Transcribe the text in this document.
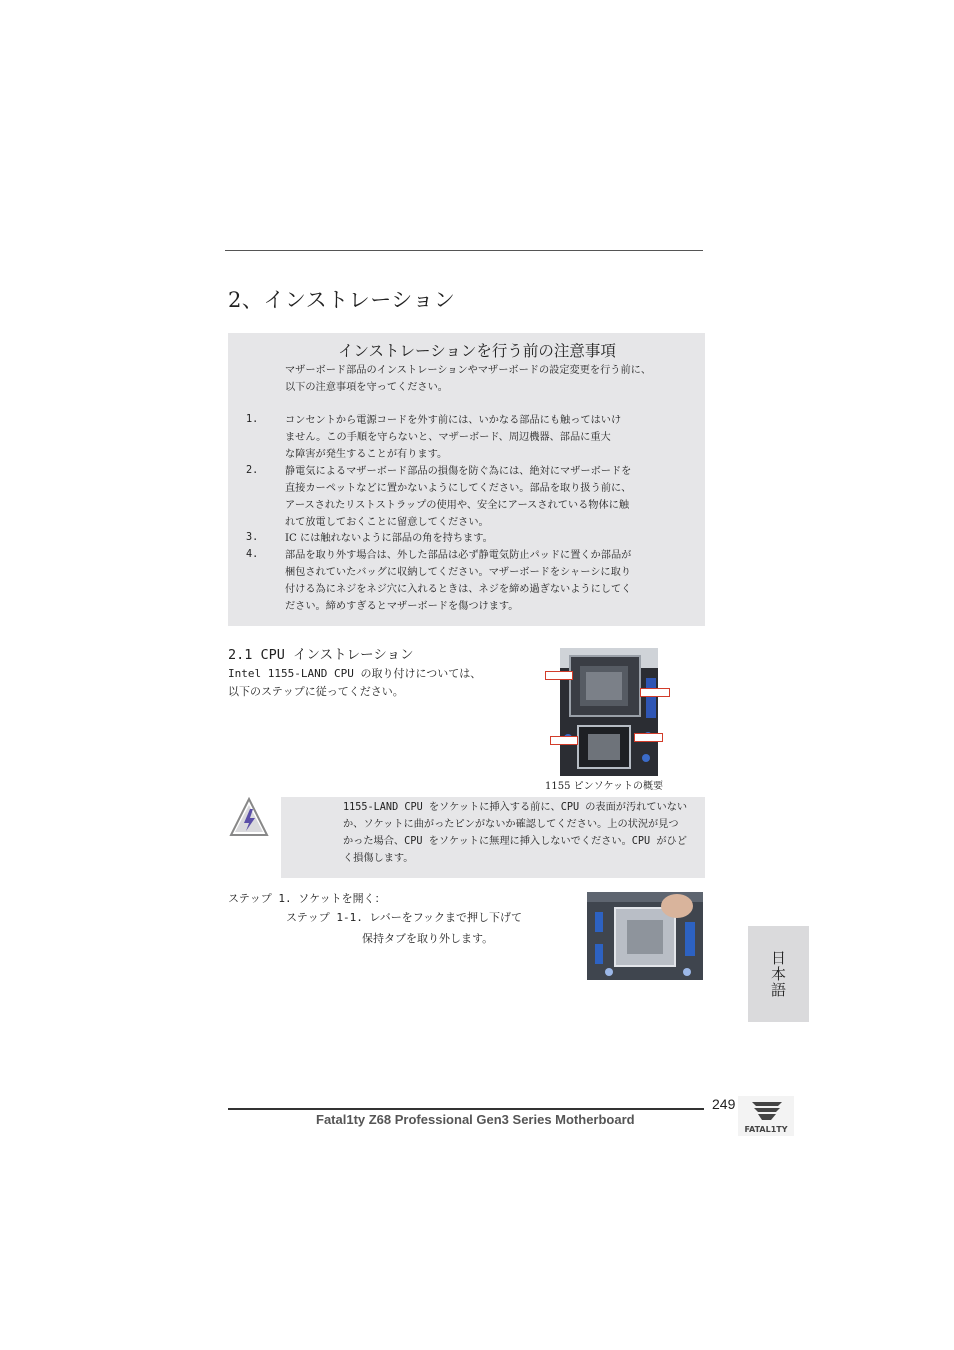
2、インストレーション
インストレーションを行う前の注意事項
マザーボード部品のインストレーションやマザーボードの設定変更を行う前に、
以下の注意事項を守ってください。
1.	コンセントから電源コードを外す前には、いかなる部品にも触ってはいけ
ません。この手順を守らないと、マザーボード、周辺機器、部品に重大
な障害が発生することが有ります。
2.	静電気によるマザーボード部品の損傷を防ぐ為には、絶対にマザーボードを
直接カーペットなどに置かないようにしてください。部品を取り扱う前に、
アースされたリストストラップの使用や、安全にアースされている物体に触
れて放電しておくことに留意してください。
3.	IC には触れないように部品の角を持ちます。
4.	部品を取り外す場合は、外した部品は必ず静電気防止パッドに置くか部品が
梱包されていたバッグに収納してください。マザーボードをシャーシに取り
付ける為にネジをネジ穴に入れるときは、ネジを締め過ぎないようにしてく
ださい。締めすぎるとマザーボードを傷つけます。
2.1 CPU インストレーション
Intel 1155-LAND CPU の取り付けについては、
以下のステップに従ってください。
1155 ピンソケットの概要
1155-LAND CPU をソケットに挿入する前に、CPU の表面が汚れていない
か、ソケットに曲がったピンがないか確認してください。上の状況が見つ
かった場合、CPU をソケットに無理に挿入しないでください。CPU がひど
く損傷します。
ステップ 1. ソケットを開く：
ステップ 1-1. レバーをフックまで押し下げて
保持タブを取り外します。
日本語
249
Fatal1ty Z68 Professional Gen3 Series Motherboard
FATAL1TY
